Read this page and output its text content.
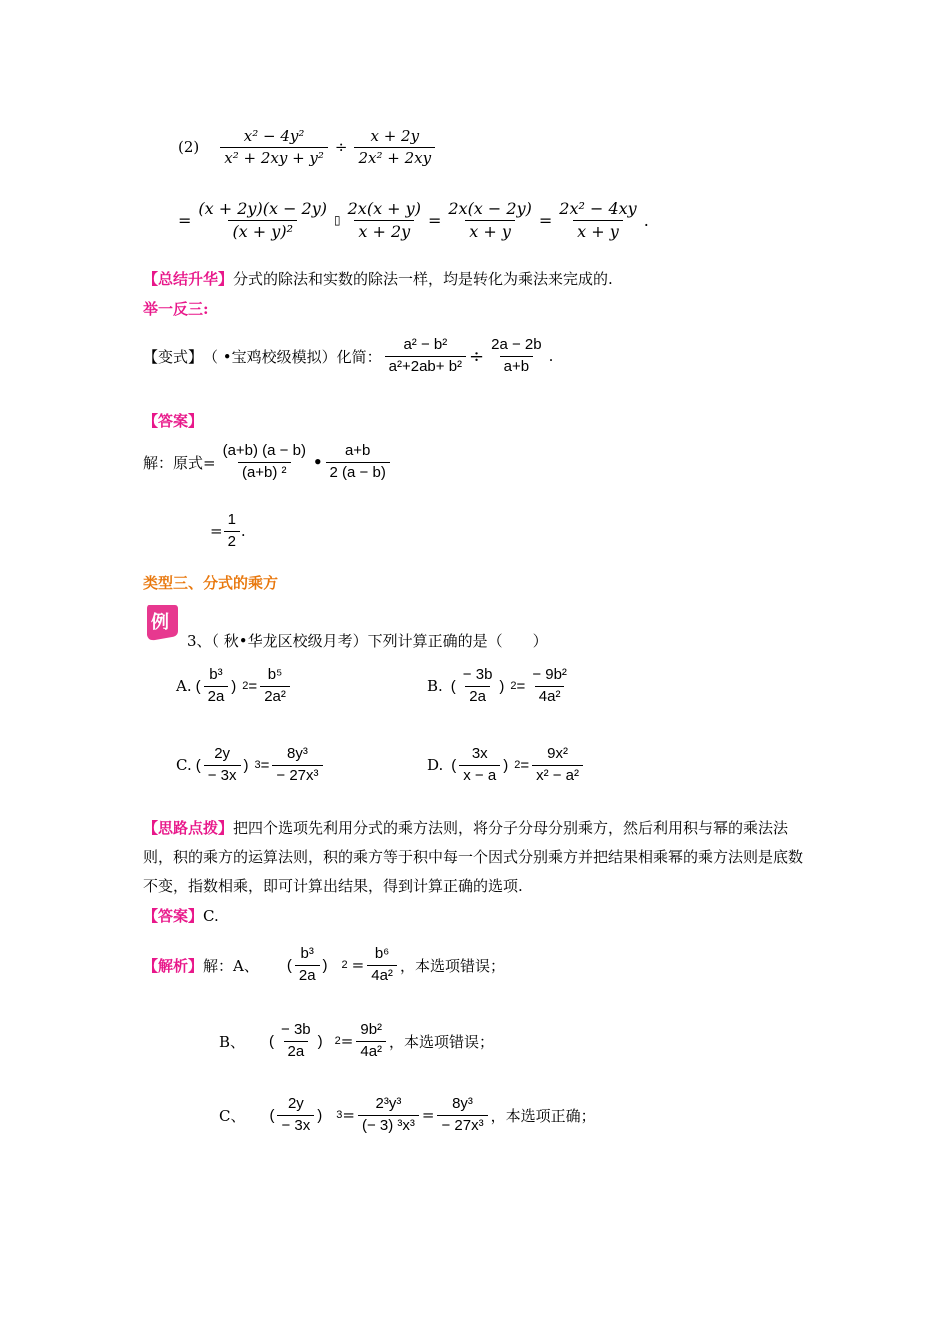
$(2) \frac{\text{x² − 4y²}}{\text{x² + 2xy + y²}} \div \frac{x + 2y}{\text{2x² + 2xy}}$
= $\frac{(x + 2y)(x - 2y)}{\text{(x + y)²}}$ ▯ $\frac{2x(x + y)}{x + 2y} = \frac{2x(x - 2y)}{x + y} = \frac{\text{2x² − 4xy}}{x + y}$ .
【总结升华】分式的除法和实数的除法一样，均是转化为乘法来完成的.
举一反三:
【变式】 （ •宝鸡校级模拟）化简： $\frac{\text{a² − b²}}{\text{a²+2ab+ b²}} \div \frac{2a - 2b}{a+b}$ .
【答案】
解：原式= $\frac{(a+b) (a - b)}{\text{(a+b) ²}}$ • $\frac{a+b}{2 (a - b)}$
= $\frac{1}{2}$ .
类型三、分式的乘方
例
3、（ 秋•华龙区校级月考）下列计算正确的是（　　）
A. ( $\frac{\text{b³}}{2a}$ ) $2 = \frac{\text{b⁵}}{\text{2a²}}$	B. ( $\frac{- 3b}{2a}$ ) $2 = \frac{\text{− 9b²}}{\text{4a²}}$
C. ( $\frac{2y}{- 3x}$ ) $3 = \frac{\text{8y³}}{\text{− 27x³}}$	D. ( $\frac{3x}{x - a}$ ) $2 = \frac{\text{9x²}}{\text{x² − a²}}$
【思路点拨】把四个选项先利用分式的乘方法则，将分子分母分别乘方，然后利用积与幂的乘法法则，积的乘方的运算法则，积的乘方等于积中每一个因式分别乘方并把结果相乘幂的乘方法则是底数不变，指数相乘，即可计算出结果，得到计算正确的选项.
【答案】C.
【解析】 解：A、 ( $\frac{\text{b³}}{2a}$ ) $2 = \frac{\text{b⁶}}{\text{4a²}}$ ，本选项错误；
B、 ( $\frac{- 3b}{2a}$ ) $2 = \frac{\text{9b²}}{\text{4a²}}$ ，本选项错误；
C、 ( $\frac{2y}{- 3x}$ ) $3 = \frac{\text{2³y³}}{\text{(− 3) ³x³}} = \frac{\text{8y³}}{\text{− 27x³}}$ ，本选项正确；
